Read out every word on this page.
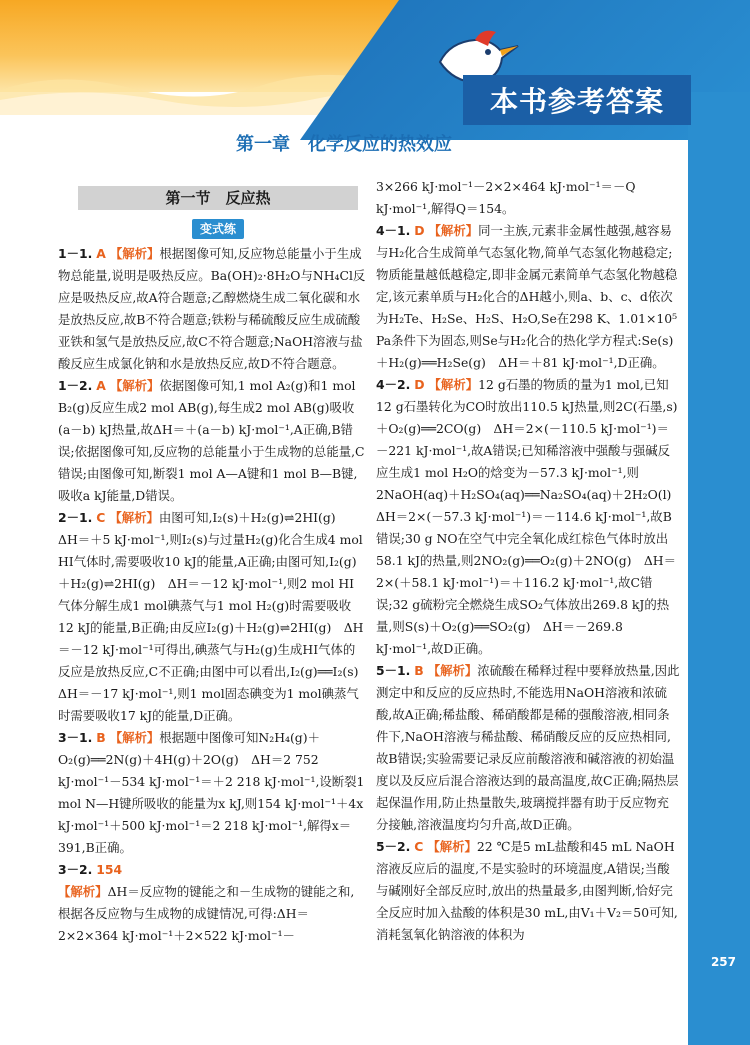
本书参考答案
第一章　化学反应的热效应
第一节　反应热
变式练

1－1. A 【解析】根据图像可知,反应物总能量小于生成物总能量,说明是吸热反应。Ba(OH)₂·8H₂O与NH₄Cl反应是吸热反应,故A符合题意;乙醇燃烧生成二氧化碳和水是放热反应,故B不符合题意;铁粉与稀硫酸反应生成硫酸亚铁和氢气是放热反应,故C不符合题意;NaOH溶液与盐酸反应生成氯化钠和水是放热反应,故D不符合题意。

1－2. A 【解析】依据图像可知,1 mol A₂(g)和1 mol B₂(g)反应生成2 mol AB(g),每生成2 mol AB(g)吸收(a－b) kJ热量,故ΔH＝＋(a－b) kJ·mol⁻¹,A正确,B错误;依据图像可知,反应物的总能量小于生成物的总能量,C错误;由图像可知,断裂1 mol A—A键和1 mol B—B键,吸收a kJ能量,D错误。

2－1. C 【解析】由图可知,I₂(s)＋H₂(g)⇌2HI(g)　ΔH＝＋5 kJ·mol⁻¹,则I₂(s)与过量H₂(g)化合生成4 mol HI气体时,需要吸收10 kJ的能量,A正确;由图可知,I₂(g)＋H₂(g)⇌2HI(g)　ΔH＝－12 kJ·mol⁻¹,则2 mol HI气体分解生成1 mol碘蒸气与1 mol H₂(g)时需要吸收12 kJ的能量,B正确;由反应I₂(g)＋H₂(g)⇌2HI(g)　ΔH＝－12 kJ·mol⁻¹可得出,碘蒸气与H₂(g)生成HI气体的反应是放热反应,C不正确;由图中可以看出,I₂(g)══I₂(s)　ΔH＝－17 kJ·mol⁻¹,则1 mol固态碘变为1 mol碘蒸气时需要吸收17 kJ的能量,D正确。

3－1. B 【解析】根据题中图像可知N₂H₄(g)＋O₂(g)══2N(g)＋4H(g)＋2O(g)　ΔH＝2 752 kJ·mol⁻¹－534 kJ·mol⁻¹＝＋2 218 kJ·mol⁻¹,设断裂1 mol N—H键所吸收的能量为x kJ,则154 kJ·mol⁻¹＋4x kJ·mol⁻¹＋500 kJ·mol⁻¹＝2 218 kJ·mol⁻¹,解得x＝391,B正确。

3－2. 154

【解析】ΔH＝反应物的键能之和－生成物的键能之和,根据各反应物与生成物的成键情况,可得:ΔH＝2×2×364 kJ·mol⁻¹＋2×522 kJ·mol⁻¹－

3×266 kJ·mol⁻¹－2×2×464 kJ·mol⁻¹＝－Q kJ·mol⁻¹,解得Q＝154。

4－1. D 【解析】同一主族,元素非金属性越强,越容易与H₂化合生成简单气态氢化物,简单气态氢化物越稳定;物质能量越低越稳定,即非金属元素简单气态氢化物越稳定,该元素单质与H₂化合的ΔH越小,则a、b、c、d依次为H₂Te、H₂Se、H₂S、H₂O,Se在298 K、1.01×10⁵ Pa条件下为固态,则Se与H₂化合的热化学方程式:Se(s)＋H₂(g)══H₂Se(g)　ΔH＝＋81 kJ·mol⁻¹,D正确。

4－2. D 【解析】12 g石墨的物质的量为1 mol,已知12 g石墨转化为CO时放出110.5 kJ热量,则2C(石墨,s)＋O₂(g)══2CO(g)　ΔH＝2×(－110.5 kJ·mol⁻¹)＝－221 kJ·mol⁻¹,故A错误;已知稀溶液中强酸与强碱反应生成1 mol H₂O的焓变为－57.3 kJ·mol⁻¹,则2NaOH(aq)＋H₂SO₄(aq)══Na₂SO₄(aq)＋2H₂O(l)　ΔH＝2×(－57.3 kJ·mol⁻¹)＝－114.6 kJ·mol⁻¹,故B错误;30 g NO在空气中完全氧化成红棕色气体时放出58.1 kJ的热量,则2NO₂(g)══O₂(g)＋2NO(g)　ΔH＝2×(＋58.1 kJ·mol⁻¹)＝＋116.2 kJ·mol⁻¹,故C错误;32 g硫粉完全燃烧生成SO₂气体放出269.8 kJ的热量,则S(s)＋O₂(g)══SO₂(g)　ΔH＝－269.8 kJ·mol⁻¹,故D正确。

5－1. B 【解析】浓硫酸在稀释过程中要释放热量,因此测定中和反应的反应热时,不能选用NaOH溶液和浓硫酸,故A正确;稀盐酸、稀硝酸都是稀的强酸溶液,相同条件下,NaOH溶液与稀盐酸、稀硝酸反应的反应热相同,故B错误;实验需要记录反应前酸溶液和碱溶液的初始温度以及反应后混合溶液达到的最高温度,故C正确;隔热层起保温作用,防止热量散失,玻璃搅拌器有助于反应物充分接触,溶液温度均匀升高,故D正确。

5－2. C 【解析】22 ℃是5 mL盐酸和45 mL NaOH溶液反应后的温度,不是实验时的环境温度,A错误;当酸与碱刚好全部反应时,放出的热量最多,由图判断,恰好完全反应时加入盐酸的体积是30 mL,由V₁＋V₂＝50可知,消耗氢氧化钠溶液的体积为

257
